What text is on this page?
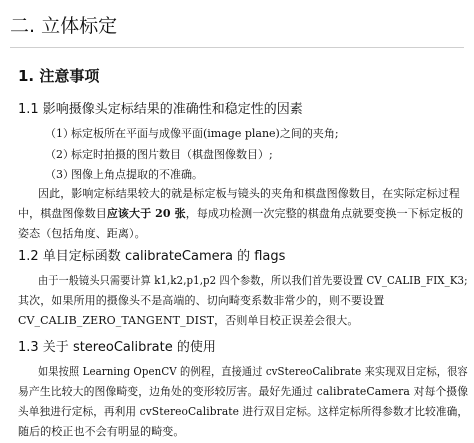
二. 立体标定
1. 注意事项
1.1 影响摄像头定标结果的准确性和稳定性的因素
（1）标定板所在平面与成像平面(image plane)之间的夹角;
（2）标定时拍摄的图片数目（棋盘图像数目）;
（3）图像上角点提取的不准确。
因此，影响定标结果较大的就是标定板与镜头的夹角和棋盘图像数目，在实际定标过程
中，棋盘图像数目应该大于 20 张，每成功检测一次完整的棋盘角点就要变换一下标定板的
姿态（包括角度、距离）。
1.2 单目定标函数 calibrateCamera 的 flags
由于一般镜头只需要计算 k1,k2,p1,p2 四个参数，所以我们首先要设置 CV_CALIB_FIX_K3;
其次，如果所用的摄像头不是高端的、切向畸变系数非常少的，则不要设置
CV_CALIB_ZERO_TANGENT_DIST，否则单目校正误差会很大。
1.3 关于 stereoCalibrate 的使用
如果按照 Learning OpenCV 的例程，直接通过 cvStereoCalibrate 来实现双目定标，很容
易产生比较大的图像畸变，边角处的变形较厉害。最好先通过 calibrateCamera 对每个摄像
头单独进行定标，再利用 cvStereoCalibrate 进行双目定标。这样定标所得参数才比较准确，
随后的校正也不会有明显的畸变。
